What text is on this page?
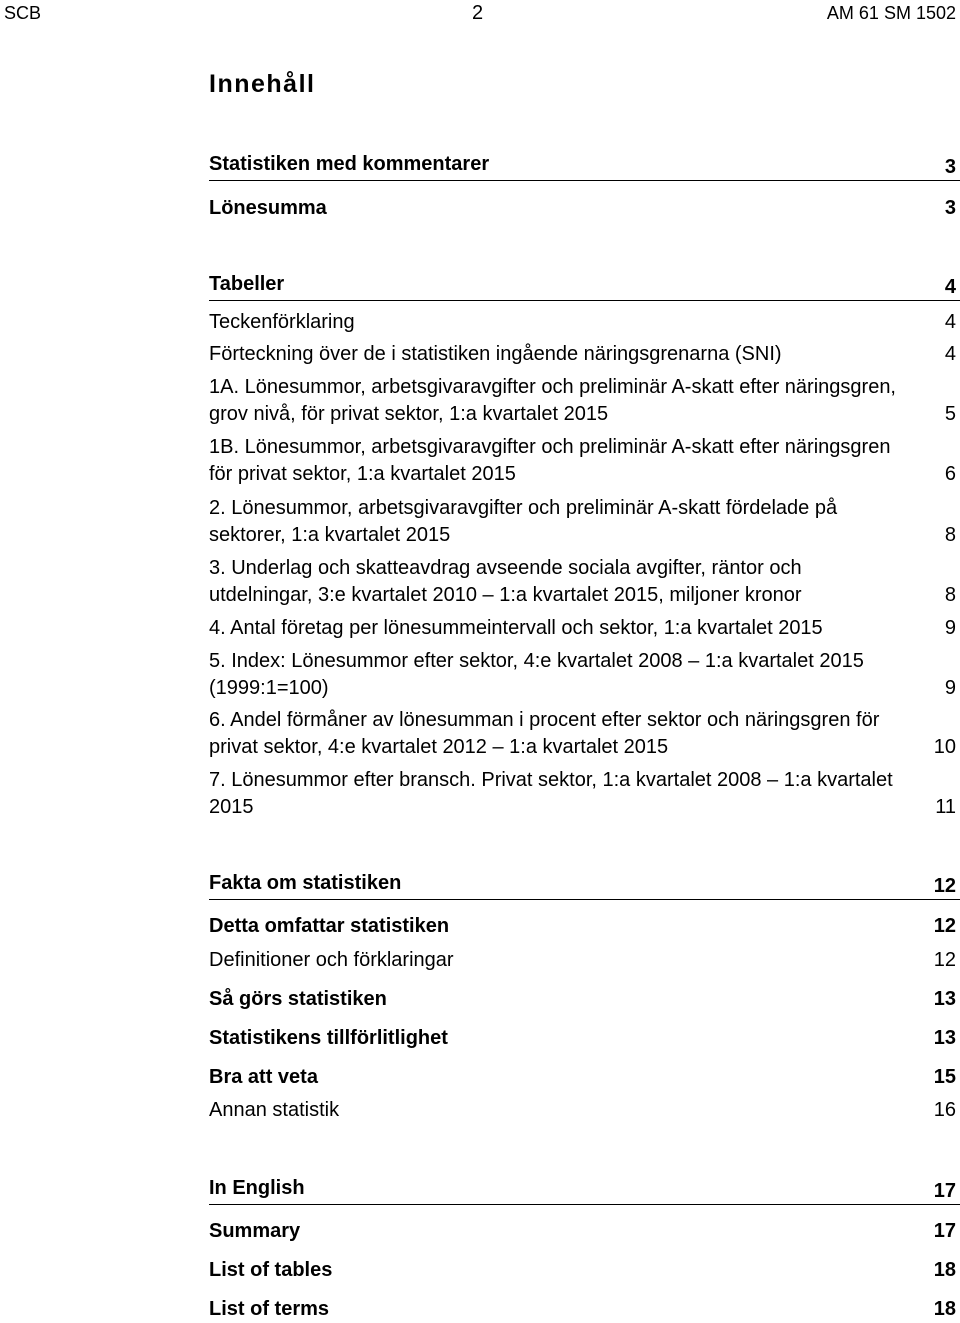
SCB	2	AM 61 SM 1502
Innehåll
Statistiken med kommentarer	3
Lönesumma	3
Tabeller	4
Teckenförklaring	4
Förteckning över de i statistiken ingående näringsgrenarna (SNI)	4
1A. Lönesummor, arbetsgivaravgifter och preliminär A-skatt efter näringsgren, grov nivå, för privat sektor, 1:a kvartalet 2015	5
1B. Lönesummor, arbetsgivaravgifter och preliminär A-skatt efter näringsgren för privat sektor, 1:a kvartalet 2015	6
2. Lönesummor, arbetsgivaravgifter och preliminär A-skatt fördelade på sektorer, 1:a kvartalet 2015	8
3. Underlag och skatteavdrag avseende sociala avgifter, räntor och utdelningar, 3:e kvartalet 2010 – 1:a kvartalet 2015, miljoner kronor	8
4. Antal företag per lönesummeintervall och sektor, 1:a kvartalet 2015	9
5. Index: Lönesummor efter sektor, 4:e kvartalet 2008 – 1:a kvartalet 2015 (1999:1=100)	9
6. Andel förmåner av lönesumman i procent efter sektor och näringsgren för privat sektor, 4:e kvartalet 2012 – 1:a kvartalet 2015	10
7. Lönesummor efter bransch. Privat sektor, 1:a kvartalet 2008 – 1:a kvartalet 2015	11
Fakta om statistiken	12
Detta omfattar statistiken	12
Definitioner och förklaringar	12
Så görs statistiken	13
Statistikens tillförlitlighet	13
Bra att veta	15
Annan statistik	16
In English	17
Summary	17
List of tables	18
List of terms	18
